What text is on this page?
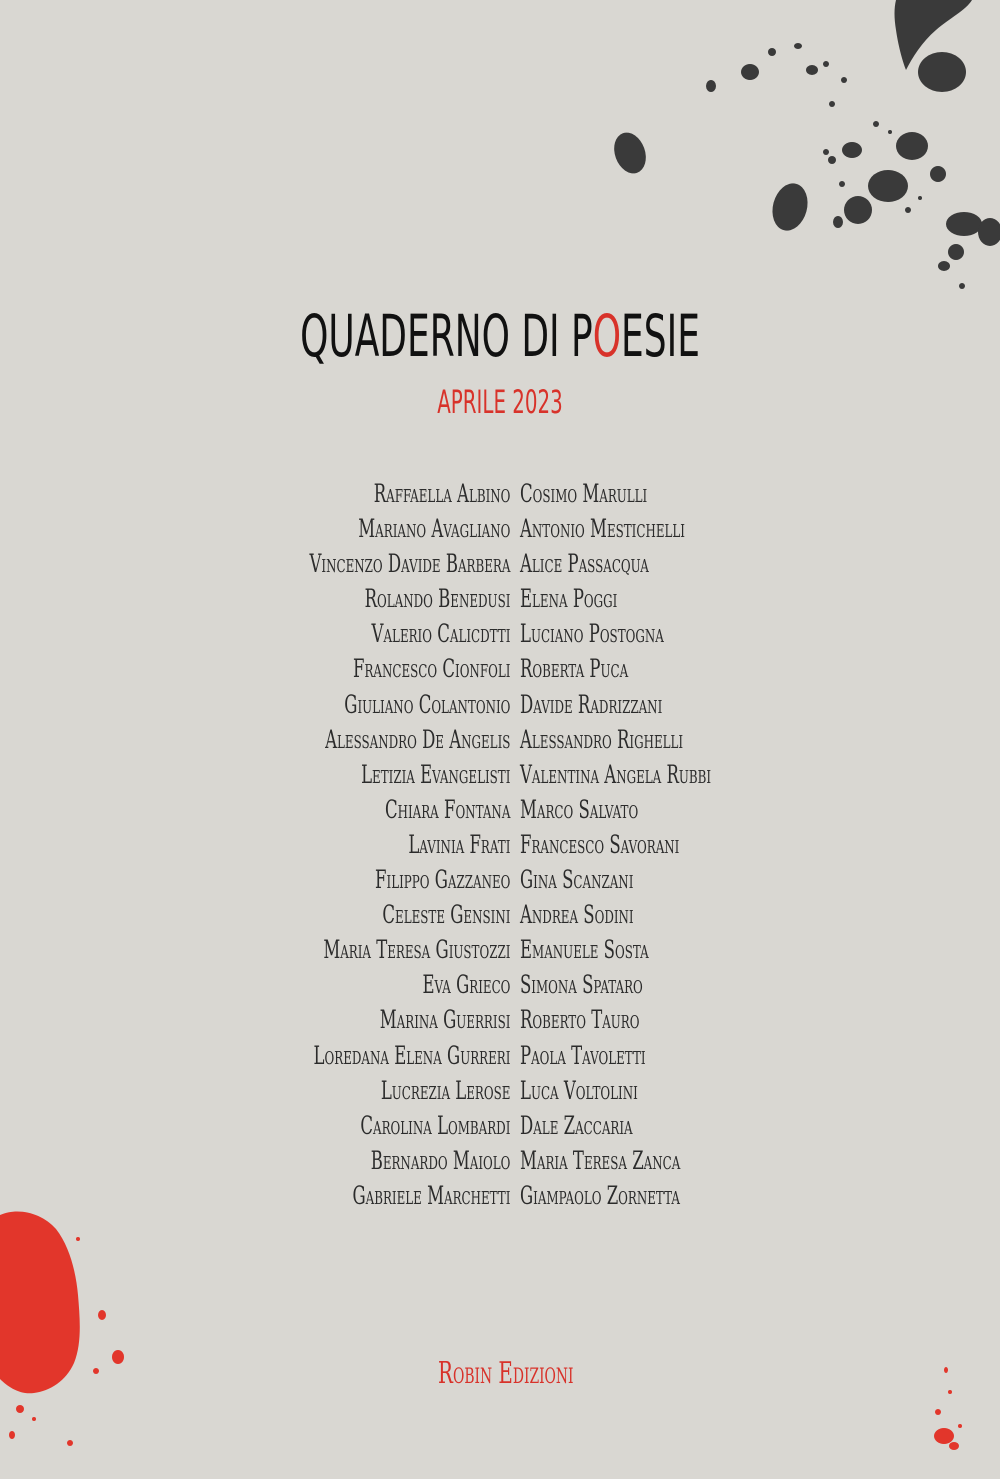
QUADERNO DI POESIE
APRILE 2023
Raffaella Albino
Mariano Avagliano
Vincenzo Davide Barbera
Rolando Benedusi
Valerio Calicdtti
Francesco Cionfoli
Giuliano Colantonio
Alessandro De Angelis
Letizia Evangelisti
Chiara Fontana
Lavinia Frati
Filippo Gazzaneo
Celeste Gensini
Maria Teresa Giustozzi
Eva Grieco
Marina Guerrisi
Loredana Elena Gurreri
Lucrezia Lerose
Carolina Lombardi
Bernardo Maiolo
Gabriele Marchetti
Cosimo Marulli
Antonio Mestichelli
Alice Passacqua
Elena Poggi
Luciano Postogna
Roberta Puca
Davide Radrizzani
Alessandro Righelli
Valentina Angela Rubbi
Marco Salvato
Francesco Savorani
Gina Scanzani
Andrea Sodini
Emanuele Sosta
Simona Spataro
Roberto Tauro
Paola Tavoletti
Luca Voltolini
Dale Zaccaria
Maria Teresa Zanca
Giampaolo Zornetta
Robin Edizioni
